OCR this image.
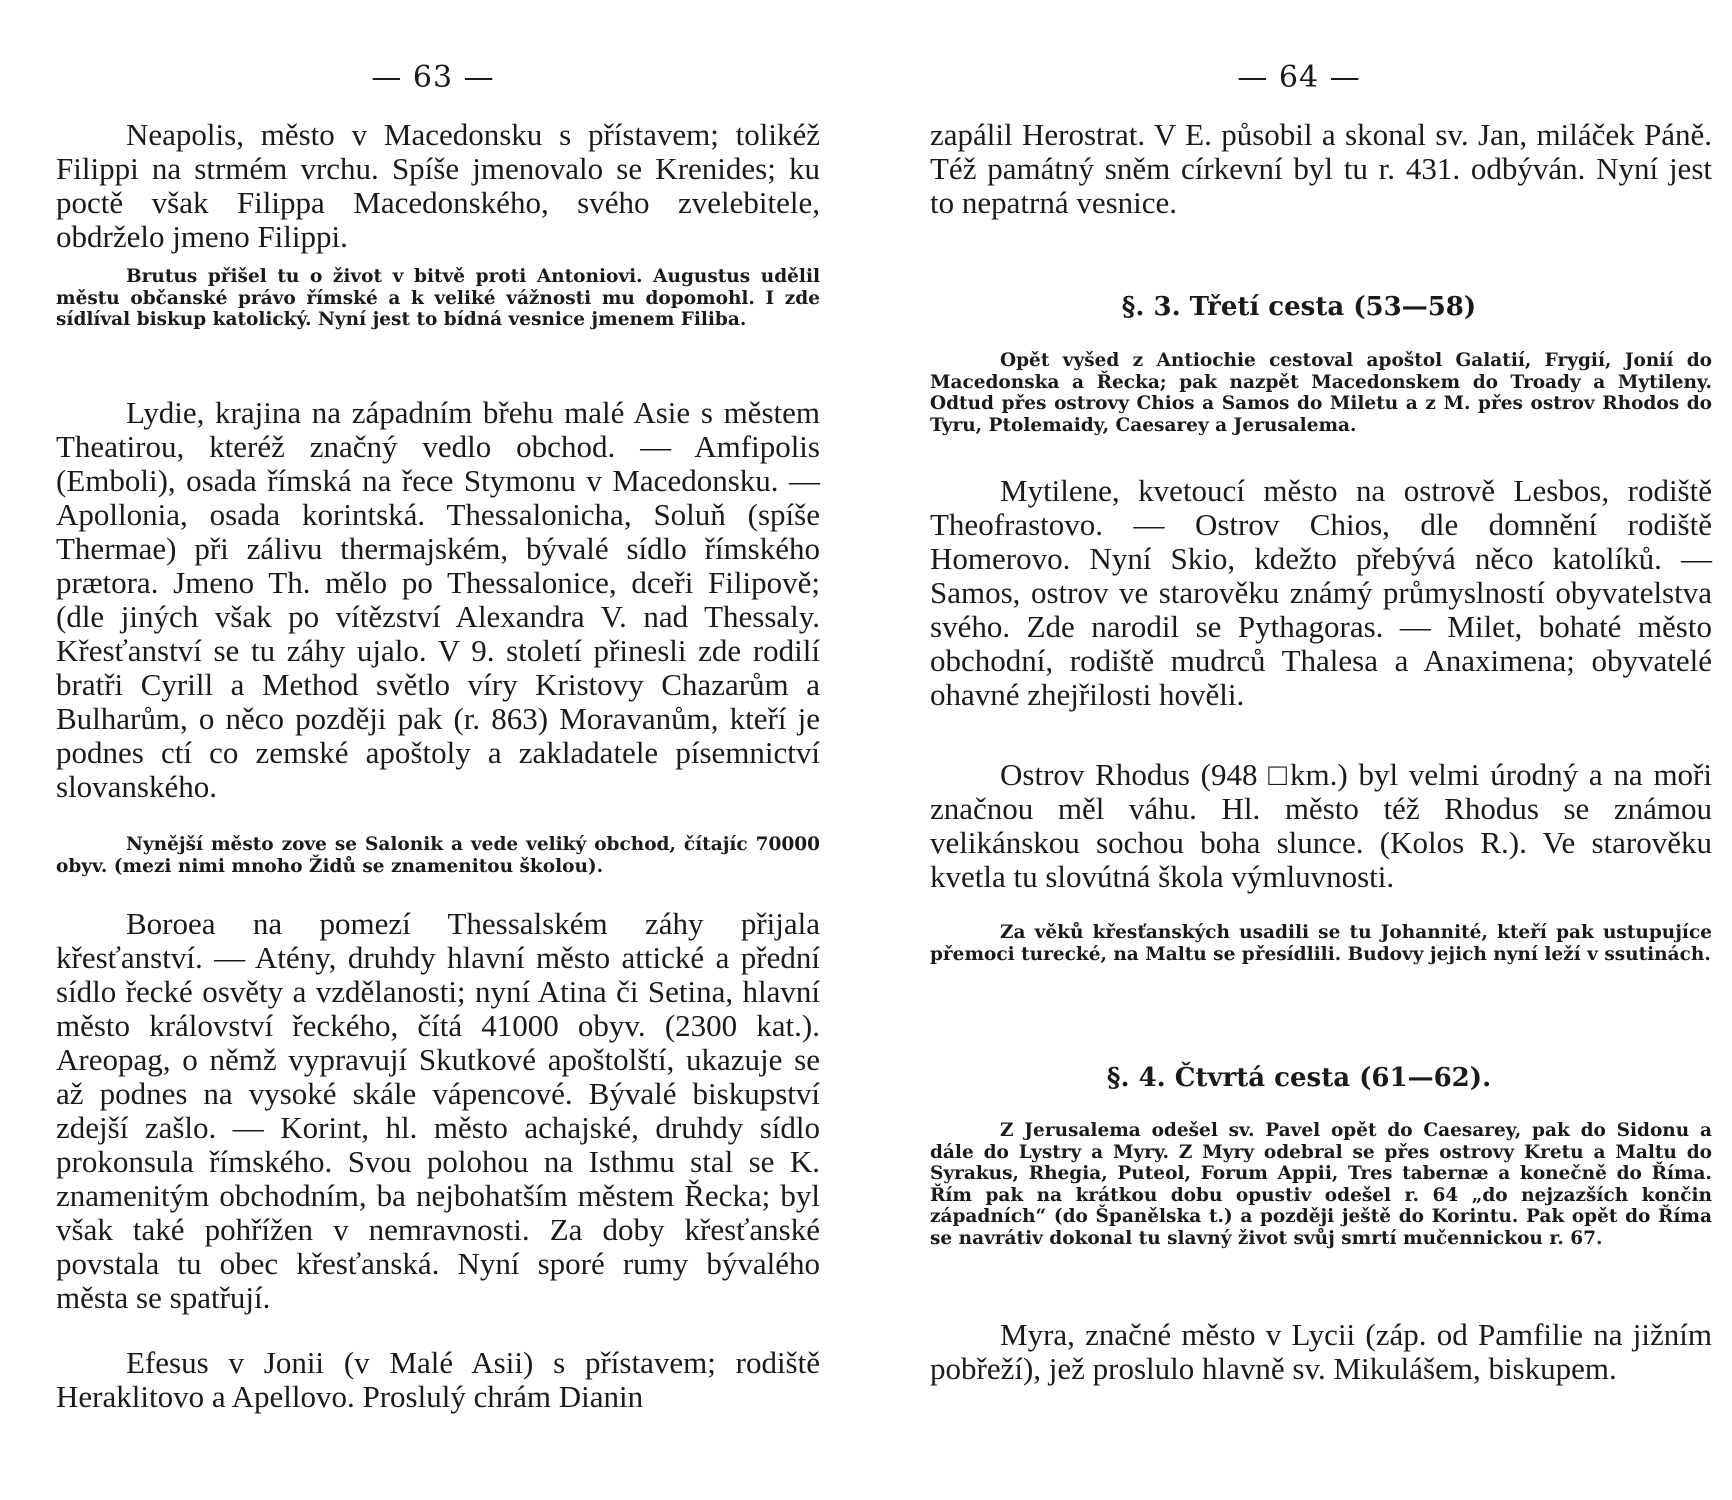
— 63 —

Neapolis, město v Macedonsku s přístavem; tolikéž Filippi na strmém vrchu. Spíše jmenovalo se Krenides; ku poctě však Filippa Macedonského, svého zvelebitele, obdrželo jmeno Filippi.

Brutus přišel tu o život v bitvě proti Antoniovi. Augustus udělil městu občanské právo římské a k veliké vážnosti mu dopomohl. I zde sídlíval biskup katolický. Nyní jest to bídná vesnice jmenem Filiba.

Lydie, krajina na západním břehu malé Asie s městem Theatirou, kteréž značný vedlo obchod. — Amfipolis (Emboli), osada římská na řece Stymonu v Macedonsku. — Apollonia, osada korintská. Thessalonicha, Soluň (spíše Thermae) při zálivu thermajském, bývalé sídlo římského prætora. Jmeno Th. mělo po Thessalonice, dceři Filipově; (dle jiných však po vítězství Alexandra V. nad Thessaly. Křesťanství se tu záhy ujalo. V 9. století přinesli zde rodilí bratři Cyrill a Method světlo víry Kristovy Chazarům a Bulharům, o něco později pak (r. 863) Moravanům, kteří je podnes ctí co zemské apoštoly a zakladatele písemnictví slovanského.

Nynější město zove se Salonik a vede veliký obchod, čítajíc 70000 obyv. (mezi nimi mnoho Židů se znamenitou školou).

Boroea na pomezí Thessalském záhy přijala křesťanství. — Atény, druhdy hlavní město attické a přední sídlo řecké osvěty a vzdělanosti; nyní Atina či Setina, hlavní město království řeckého, čítá 41000 obyv. (2300 kat.). Areopag, o němž vypravují Skutkové apoštolští, ukazuje se až podnes na vysoké skále vápencové. Bývalé biskupství zdejší zašlo. — Korint, hl. město achajské, druhdy sídlo prokonsula římského. Svou polohou na Isthmu stal se K. znamenitým obchodním, ba nejbohatším městem Řecka; byl však také pohřížen v nemravnosti. Za doby křesťanské povstala tu obec křesťanská. Nyní sporé rumy bývalého města se spatřují.

Efesus v Jonii (v Malé Asii) s přístavem; rodiště Heraklitovo a Apellovo. Proslulý chrám Dianin

— 64 —

zapálil Herostrat. V E. působil a skonal sv. Jan, miláček Páně. Též památný sněm církevní byl tu r. 431. odbýván. Nyní jest to nepatrná vesnice.

§. 3. Třetí cesta (53—58)

Opět vyšed z Antiochie cestoval apoštol Galatií, Frygií, Jonií do Macedonska a Řecka; pak nazpět Macedonskem do Troady a Mytileny. Odtud přes ostrovy Chios a Samos do Miletu a z M. přes ostrov Rhodos do Tyru, Ptolemaidy, Caesarey a Jerusalema.

Mytilene, kvetoucí město na ostrově Lesbos, rodiště Theofrastovo. — Ostrov Chios, dle domnění rodiště Homerovo. Nyní Skio, kdežto přebývá něco katolíků. — Samos, ostrov ve starověku známý průmyslností obyvatelstva svého. Zde narodil se Pythagoras. — Milet, bohaté město obchodní, rodiště mudrců Thalesa a Anaximena; obyvatelé ohavné zhejřilosti hověli.

Ostrov Rhodus (948 □km.) byl velmi úrodný a na moři značnou měl váhu. Hl. město též Rhodus se známou velikánskou sochou boha slunce. (Kolos R.). Ve starověku kvetla tu slovútná škola výmluvnosti.

Za věků křesťanských usadili se tu Johannité, kteří pak ustupujíce přemoci turecké, na Maltu se přesídlili. Budovy jejich nyní leží v ssutinách.

§. 4. Čtvrtá cesta (61—62).

Z Jerusalema odešel sv. Pavel opět do Caesarey, pak do Sidonu a dále do Lystry a Myry. Z Myry odebral se přes ostrovy Kretu a Maltu do Syrakus, Rhegia, Puteol, Forum Appii, Tres tabernæ a konečně do Říma. Řím pak na krátkou dobu opustiv odešel r. 64 „do nejzazších končin západních“ (do Španělska t.) a později ještě do Korintu. Pak opět do Říma se navrátiv dokonal tu slavný život svůj smrtí mučennickou r. 67.

Myra, značné město v Lycii (záp. od Pamfilie na jižním pobřeží), jež proslulo hlavně sv. Mikulášem, biskupem.
